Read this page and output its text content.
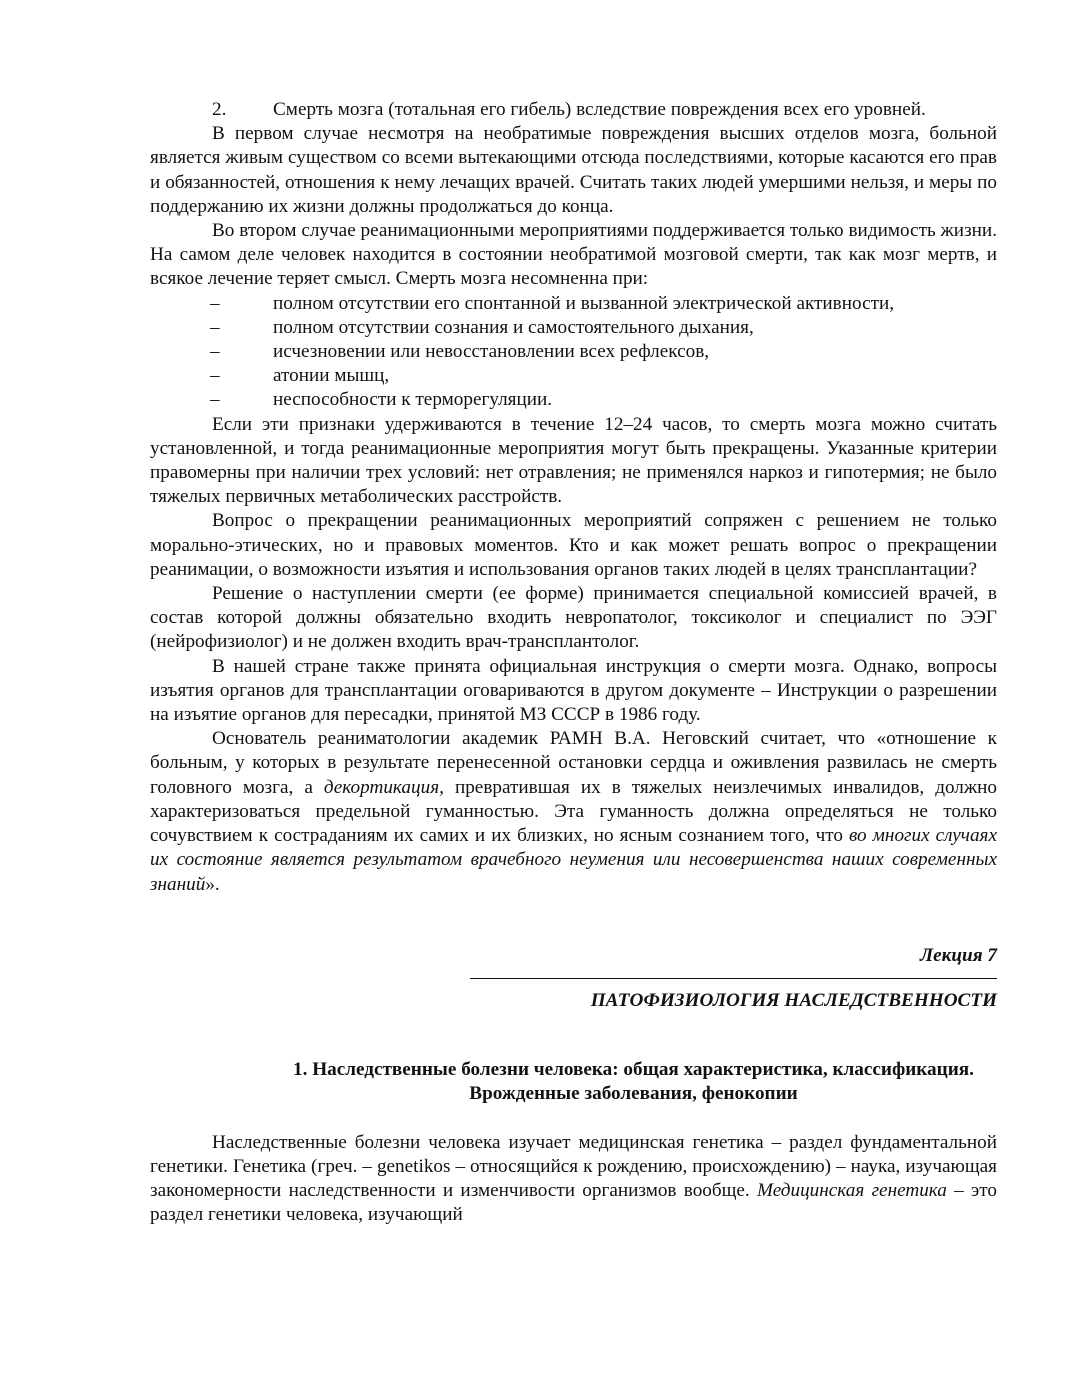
2. Смерть мозга (тотальная его гибель) вследствие повреждения всех его уровней.

В первом случае несмотря на необратимые повреждения высших отделов мозга, больной является живым существом со всеми вытекающими отсюда последствиями, которые касаются его прав и обязанностей, отношения к нему лечащих врачей. Считать таких людей умершими нельзя, и меры по поддержанию их жизни должны продолжаться до конца.

Во втором случае реанимационными мероприятиями поддерживается только видимость жизни. На самом деле человек находится в состоянии необратимой мозговой смерти, так как мозг мертв, и всякое лечение теряет смысл. Смерть мозга несомненна при:

–	полном отсутствии его спонтанной и вызванной электрической активности,
–	полном отсутствии сознания и самостоятельного дыхания,
–	исчезновении или невосстановлении всех рефлексов,
–	атонии мышц,
–	неспособности к терморегуляции.

Если эти признаки удерживаются в течение 12–24 часов, то смерть мозга можно считать установленной, и тогда реанимационные мероприятия могут быть прекращены. Указанные критерии правомерны при наличии трех условий: нет отравления; не применялся наркоз и гипотермия; не было тяжелых первичных метаболических расстройств.

Вопрос о прекращении реанимационных мероприятий сопряжен с решением не только морально-этических, но и правовых моментов. Кто и как может решать вопрос о прекращении реанимации, о возможности изъятия и использования органов таких людей в целях трансплантации?

Решение о наступлении смерти (ее форме) принимается специальной комиссией врачей, в состав которой должны обязательно входить невропатолог, токсиколог и специалист по ЭЭГ (нейрофизиолог) и не должен входить врач-трансплантолог.

В нашей стране также принята официальная инструкция о смерти мозга. Однако, вопросы изъятия органов для трансплантации оговариваются в другом документе – Инструкции о разрешении на изъятие органов для пересадки, принятой МЗ СССР в 1986 году.

Основатель реаниматологии академик РАМН В.А. Неговский считает, что «отношение к больным, у которых в результате перенесенной остановки сердца и оживления развилась не смерть головного мозга, а декортикация, превратившая их в тяжелых неизлечимых инвалидов, должно характеризоваться предельной гуманностью. Эта гуманность должна определяться не только сочувствием к состраданиям их самих и их близких, но ясным сознанием того, что во многих случаях их состояние является результатом врачебного неумения или несовершенства наших современных знаний».

Лекция 7
ПАТОФИЗИОЛОГИЯ НАСЛЕДСТВЕННОСТИ
1. Наследственные болезни человека: общая характеристика, классификация.
Врожденные заболевания, фенокопии

Наследственные болезни человека изучает медицинская генетика – раздел фундаментальной генетики. Генетика (греч. – genetikos – относящийся к рождению, происхождению) – наука, изучающая закономерности наследственности и изменчивости организмов вообще. Медицинская генетика – это раздел генетики человека, изучающий
